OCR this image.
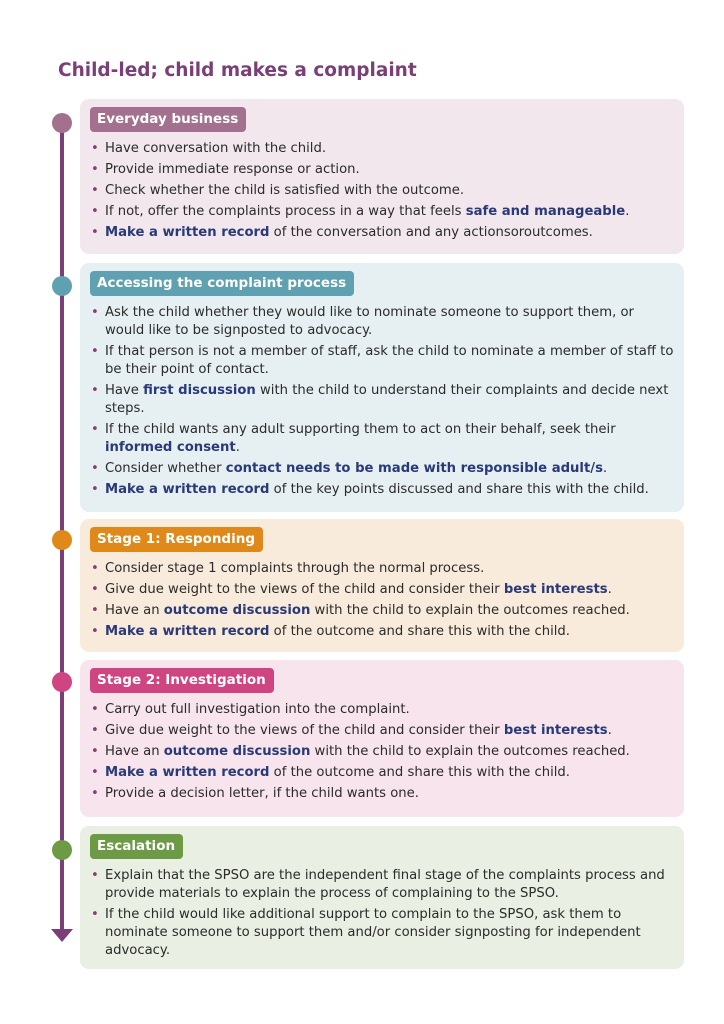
Child-led; child makes a complaint
Everyday business
• Have conversation with the child.
• Provide immediate response or action.
• Check whether the child is satisfied with the outcome.
• If not, offer the complaints process in a way that feels safe and manageable.
• Make a written record of the conversation and any actionsoroutcomes.
Accessing the complaint process
• Ask the child whether they would like to nominate someone to support them, or would like to be signposted to advocacy.
• If that person is not a member of staff, ask the child to nominate a member of staff to be their point of contact.
• Have first discussion with the child to understand their complaints and decide next steps.
• If the child wants any adult supporting them to act on their behalf, seek their informed consent.
• Consider whether contact needs to be made with responsible adult/s.
• Make a written record of the key points discussed and share this with the child.
Stage 1: Responding
• Consider stage 1 complaints through the normal process.
• Give due weight to the views of the child and consider their best interests.
• Have an outcome discussion with the child to explain the outcomes reached.
• Make a written record of the outcome and share this with the child.
Stage 2: Investigation
• Carry out full investigation into the complaint.
• Give due weight to the views of the child and consider their best interests.
• Have an outcome discussion with the child to explain the outcomes reached.
• Make a written record of the outcome and share this with the child.
• Provide a decision letter, if the child wants one.
Escalation
• Explain that the SPSO are the independent final stage of the complaints process and provide materials to explain the process of complaining to the SPSO.
• If the child would like additional support to complain to the SPSO, ask them to nominate someone to support them and/or consider signposting for independent advocacy.
